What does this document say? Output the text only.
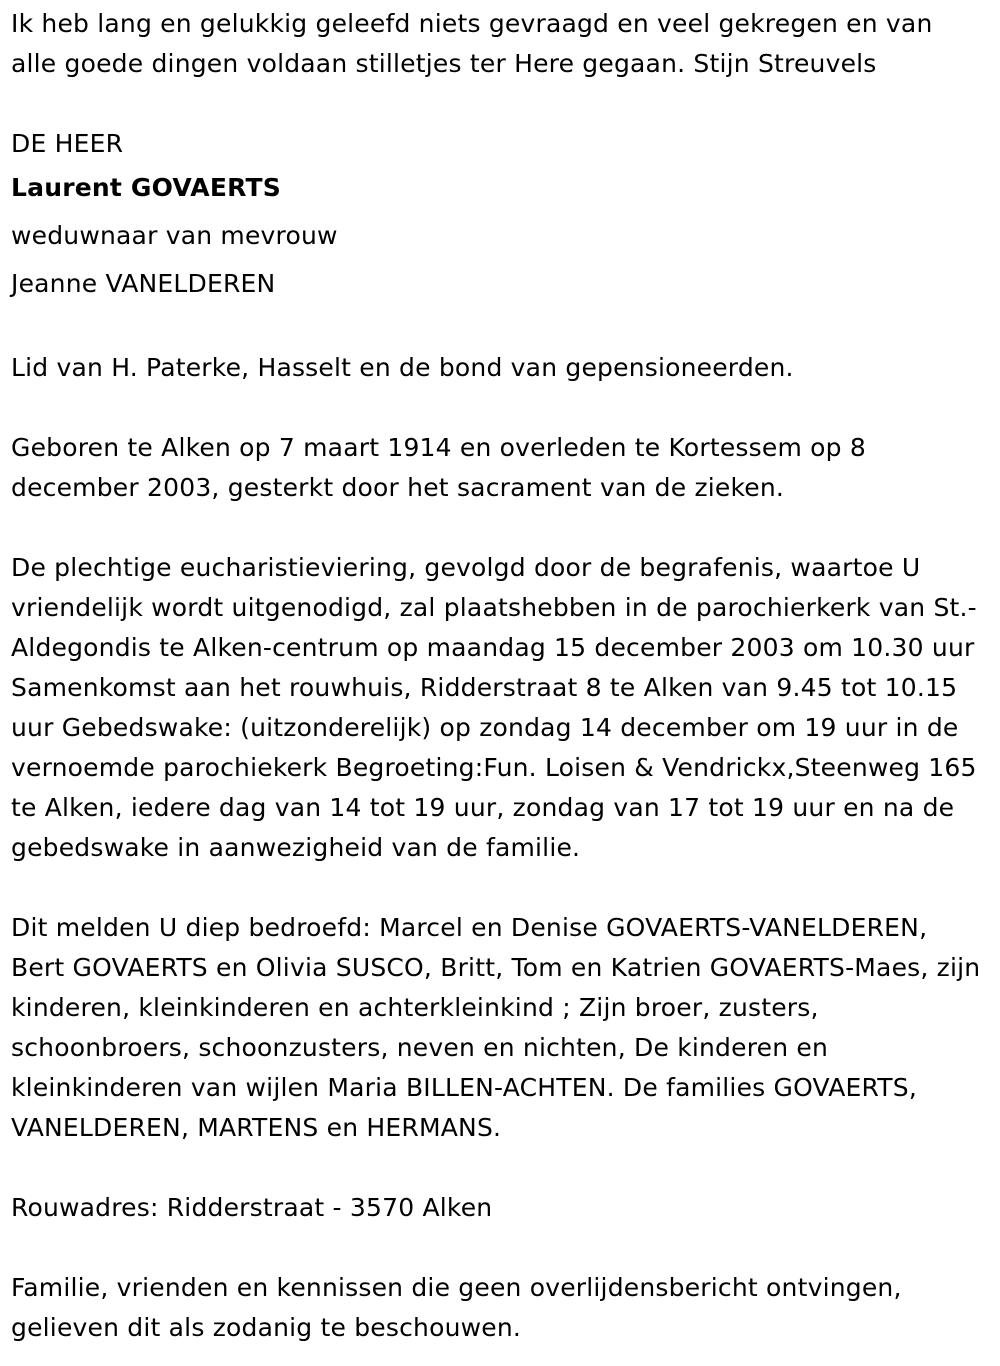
Ik heb lang en gelukkig geleefd niets gevraagd en veel gekregen en van alle goede dingen voldaan stilletjes ter Here gegaan. Stijn Streuvels

DE HEER

Laurent GOVAERTS

weduwnaar van mevrouw

Jeanne VANELDEREN

Lid van H. Paterke, Hasselt en de bond van gepensioneerden.

Geboren te Alken op 7 maart 1914 en overleden te Kortessem op 8 december 2003, gesterkt door het sacrament van de zieken.

De plechtige eucharistieviering, gevolgd door de begrafenis, waartoe U vriendelijk wordt uitgenodigd, zal plaatshebben in de parochierkerk van St.-Aldegondis te Alken-centrum op maandag 15 december 2003 om 10.30 uur Samenkomst aan het rouwhuis, Ridderstraat 8 te Alken van 9.45 tot 10.15 uur Gebedswake: (uitzonderelijk) op zondag 14 december om 19 uur in de vernoemde parochiekerk Begroeting:Fun. Loisen & Vendrickx,Steenweg 165 te Alken, iedere dag van 14 tot 19 uur, zondag van 17 tot 19 uur en na de gebedswake in aanwezigheid van de familie.

Dit melden U diep bedroefd: Marcel en Denise GOVAERTS-VANELDEREN, Bert GOVAERTS en Olivia SUSCO, Britt, Tom en Katrien GOVAERTS-Maes, zijn kinderen, kleinkinderen en achterkleinkind ; Zijn broer, zusters, schoonbroers, schoonzusters, neven en nichten, De kinderen en kleinkinderen van wijlen Maria BILLEN-ACHTEN. De families GOVAERTS, VANELDEREN, MARTENS en HERMANS.

Rouwadres: Ridderstraat - 3570 Alken

Familie, vrienden en kennissen die geen overlijdensbericht ontvingen, gelieven dit als zodanig te beschouwen.
